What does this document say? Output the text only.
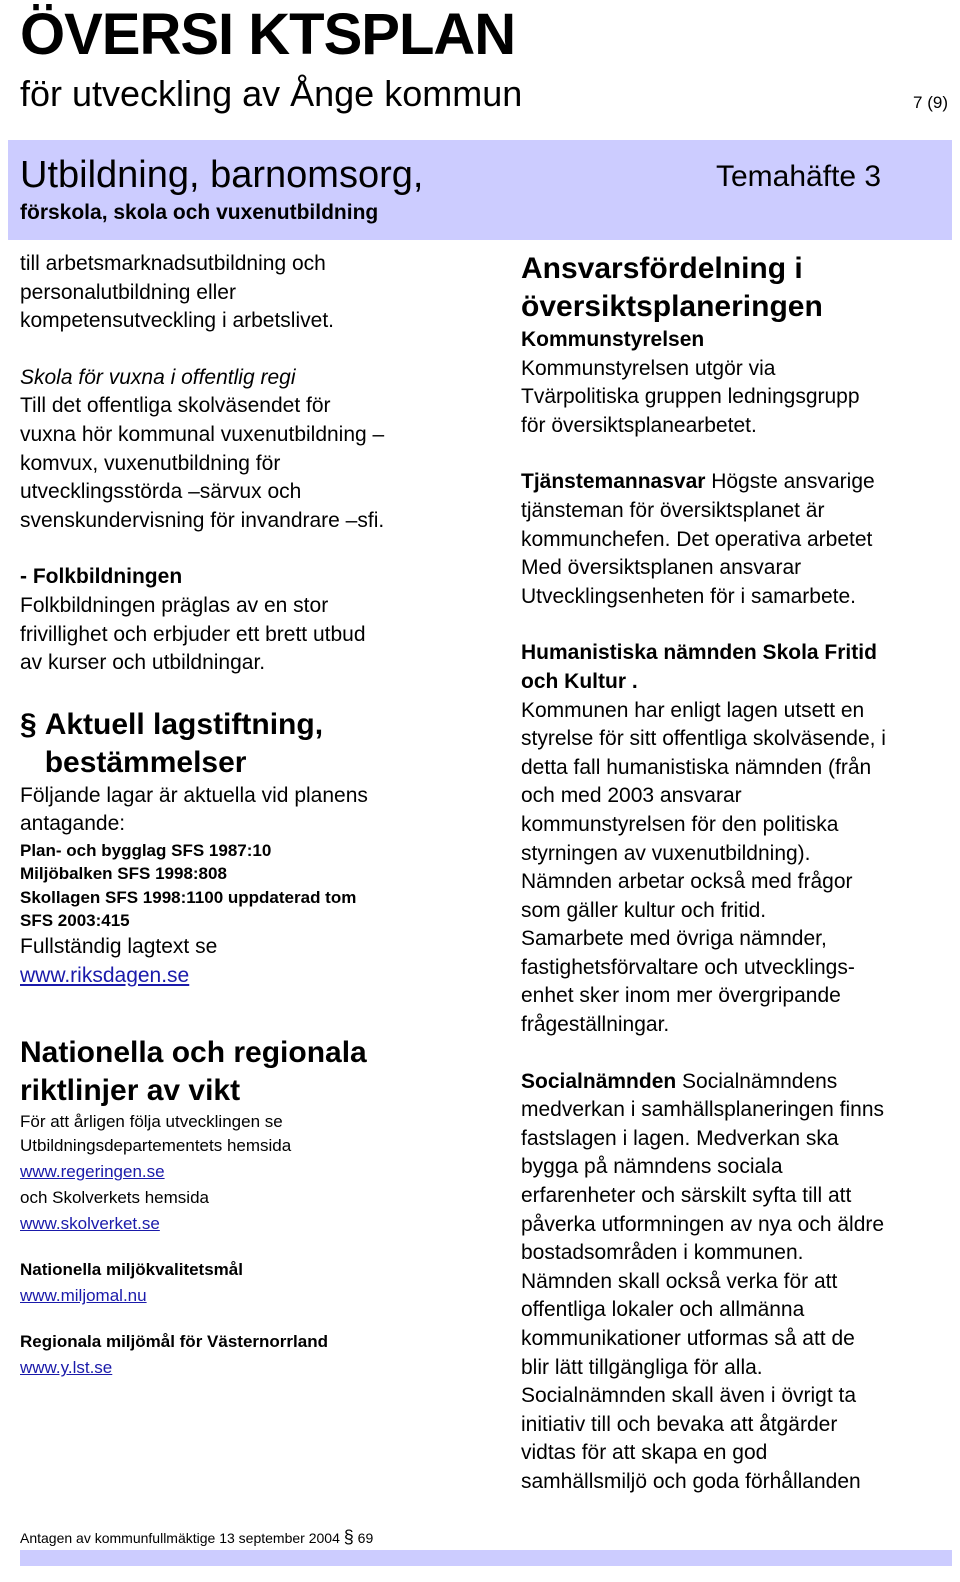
ÖVERSI KTSPLAN
för utveckling av Ånge kommun	7 (9)
Utbildning, barnomsorg,
förskola, skola och vuxenutbildning
Temahäfte 3

till arbetsmarknadsutbildning och
personalutbildning eller
kompetensutveckling i arbetslivet.

Skola för vuxna i offentlig regi

Till det offentliga skolväsendet för
vuxna hör kommunal vuxenutbildning –
komvux, vuxenutbildning för
utvecklingsstörda –särvux och
svenskundervisning för invandrare –sfi.

- Folkbildningen

Folkbildningen präglas av en stor
frivillighet och erbjuder ett brett utbud
av kurser och utbildningar.

§ Aktuell lagstiftning,
bestämmelser

Följande lagar är aktuella vid planens
antagande:

Plan- och bygglag SFS 1987:10
Miljöbalken SFS 1998:808
Skollagen SFS 1998:1100 uppdaterad tom
SFS 2003:415

Fullständig lagtext se

www.riksdagen.se

Nationella och regionala
riktlinjer av vikt

För att årligen följa utvecklingen se
Utbildningsdepartementets hemsida

www.regeringen.se

och Skolverkets hemsida

www.skolverket.se

Nationella miljökvalitetsmål

www.miljomal.nu

Regionala miljömål för Västernorrland

www.y.lst.se

Ansvarsfördelning i
översiktsplaneringen

Kommunstyrelsen

Kommunstyrelsen utgör via
Tvärpolitiska gruppen ledningsgrupp
för översiktsplanearbetet.

Tjänstemannasvar Högste ansvarige
tjänsteman för översiktsplanet är
kommunchefen. Det operativa arbetet
Med översiktsplanen ansvarar
Utvecklingsenheten för i samarbete.

Humanistiska nämnden Skola Fritid
och Kultur .

Kommunen har enligt lagen utsett en
styrelse för sitt offentliga skolväsende, i
detta fall humanistiska nämnden (från
och med 2003 ansvarar
kommunstyrelsen för den politiska
styrningen av vuxenutbildning).
Nämnden arbetar också med frågor
som gäller kultur och fritid.
Samarbete med övriga nämnder,
fastighetsförvaltare och utvecklings-
enhet sker inom mer övergripande
frågeställningar.

Socialnämnden Socialnämndens
medverkan i samhällsplaneringen finns
fastslagen i lagen. Medverkan ska
bygga på nämndens sociala
erfarenheter och särskilt syfta till att
påverka utformningen av nya och äldre
bostadsområden i kommunen.
Nämnden skall också verka för att
offentliga lokaler och allmänna
kommunikationer utformas så att de
blir lätt tillgängliga för alla.
Socialnämnden skall även i övrigt ta
initiativ till och bevaka att åtgärder
vidtas för att skapa en god
samhällsmiljö och goda förhållanden

Antagen av kommunfullmäktige 13 september 2004 § 69
